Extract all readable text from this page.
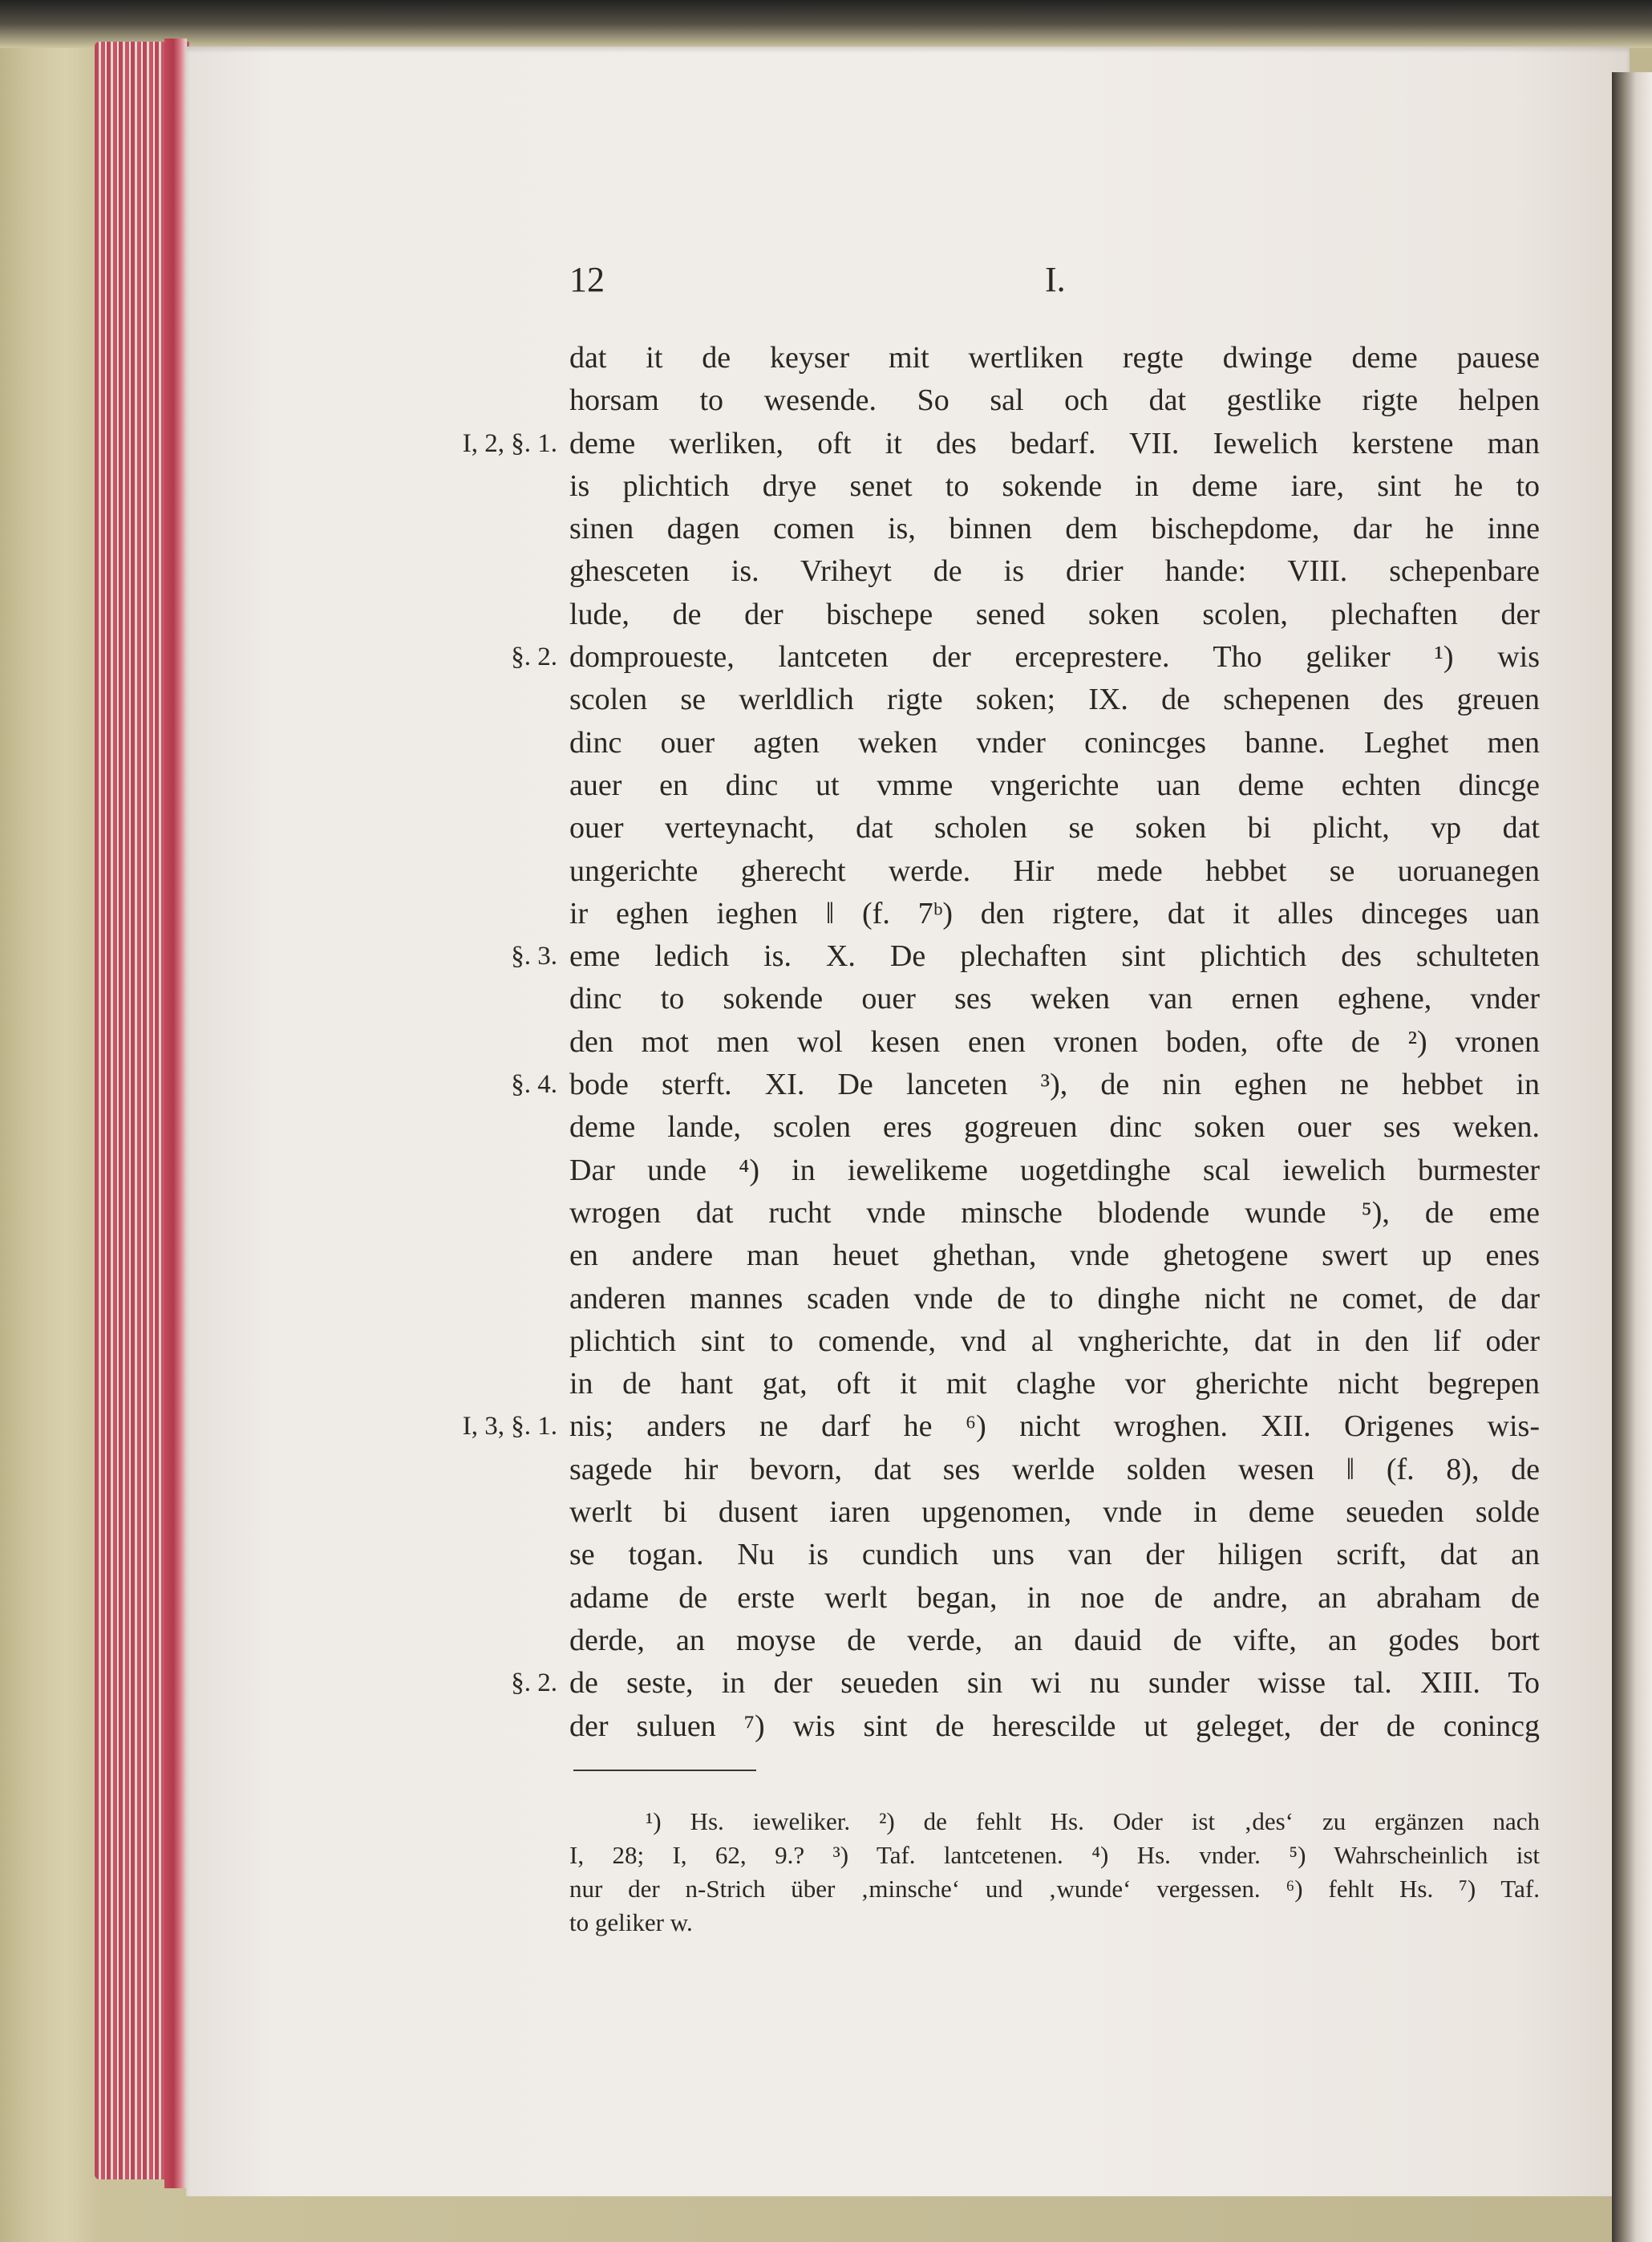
12	I.
dat it de keyser mit wertliken regte dwinge deme pauese
horsam to wesende. So sal och dat gestlike rigte helpen
I, 2, §. 1. deme werliken, oft it des bedarf. VII. Iewelich kerstene man
is plichtich drye senet to sokende in deme iare, sint he to
sinen dagen comen is, binnen dem bischepdome, dar he inne
ghesceten is. Vriheyt de is drier hande: VIII. schepenbare
lude, de der bischepe sened soken scolen, plechaften der
§. 2. domproueste, lantceten der erceprestere. Tho geliker ¹) wis
scolen se werldlich rigte soken; IX. de schepenen des greuen
dinc ouer agten weken vnder conincges banne. Leghet men
auer en dinc ut vmme vngerichte uan deme echten dincge
ouer verteynacht, dat scholen se soken bi plicht, vp dat
ungerichte gherecht werde. Hir mede hebbet se uoruanegen
ir eghen ieghen ‖ (f. 7ᵇ) den rigtere, dat it alles dinceges uan
§. 3. eme ledich is. X. De plechaften sint plichtich des schulteten
dinc to sokende ouer ses weken van ernen eghene, vnder
den mot men wol kesen enen vronen boden, ofte de ²) vronen
§. 4. bode sterft. XI. De lanceten ³), de nin eghen ne hebbet in
deme lande, scolen eres gogreuen dinc soken ouer ses weken.
Dar unde ⁴) in iewelikeme uogetdinghe scal iewelich burmester
wrogen dat rucht vnde minsche blodende wunde ⁵), de eme
en andere man heuet ghethan, vnde ghetogene swert up enes
anderen mannes scaden vnde de to dinghe nicht ne comet, de dar
plichtich sint to comende, vnd al vngherichte, dat in den lif oder
in de hant gat, oft it mit claghe vor gherichte nicht begrepen
I, 3, §. 1. nis; anders ne darf he ⁶) nicht wroghen. XII. Origenes wis-
sagede hir bevorn, dat ses werlde solden wesen ‖ (f. 8), de
werlt bi dusent iaren upgenomen, vnde in deme seueden solde
se togan. Nu is cundich uns van der hiligen scrift, dat an
adame de erste werlt began, in noe de andre, an abraham de
derde, an moyse de verde, an dauid de vifte, an godes bort
§. 2. de seste, in der seueden sin wi nu sunder wisse tal. XIII. To
der suluen ⁷) wis sint de herescilde ut geleget, der de conincg
¹) Hs. ieweliker. ²) de fehlt Hs. Oder ist ‚des‘ zu ergänzen nach
I, 28; I, 62, 9.? ³) Taf. lantcetenen. ⁴) Hs. vnder. ⁵) Wahrscheinlich ist
nur der n-Strich über ‚minsche‘ und ‚wunde‘ vergessen. ⁶) fehlt Hs. ⁷) Taf.
to geliker w.
